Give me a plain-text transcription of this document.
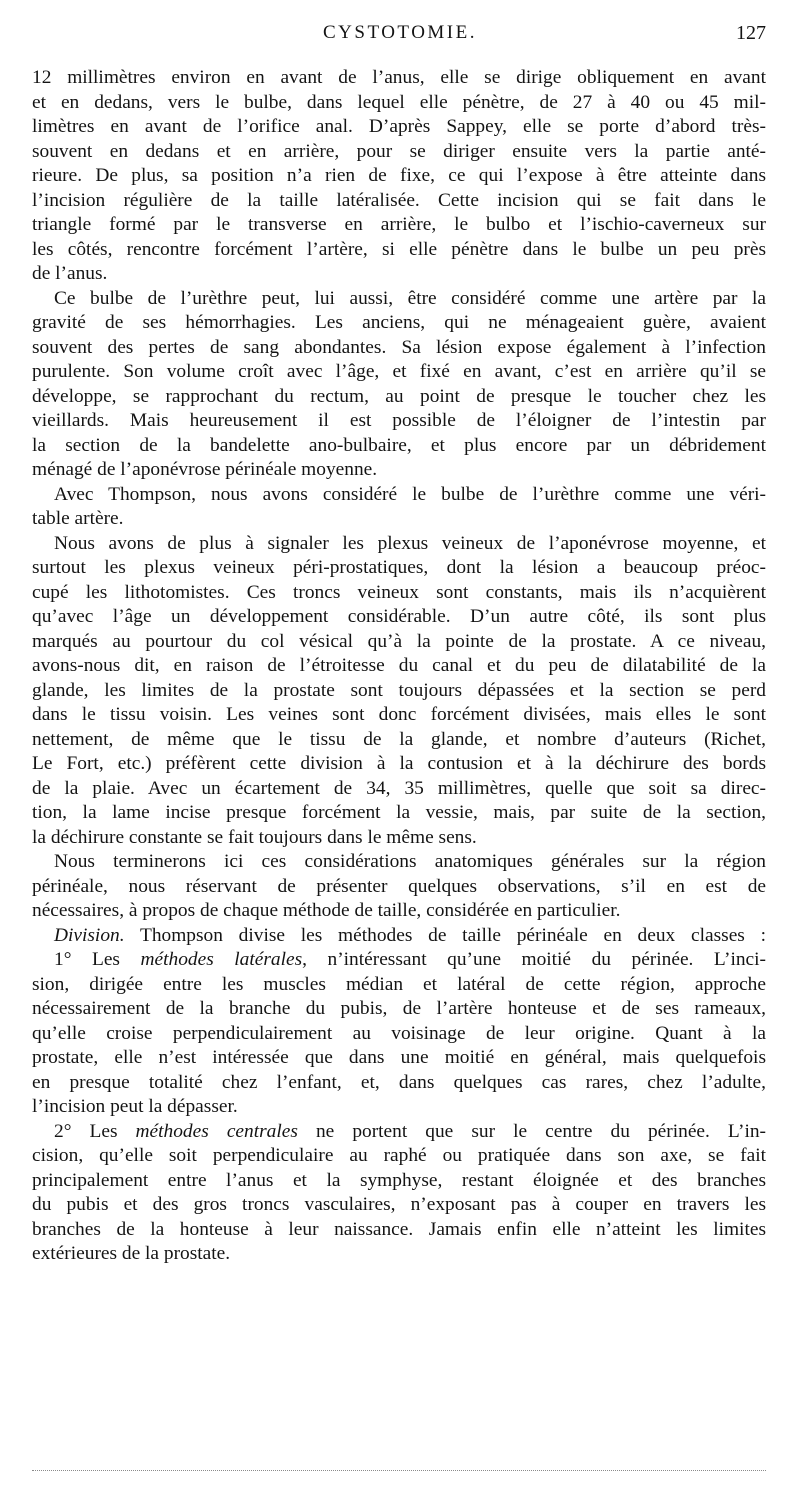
CYSTOTOMIE.	127
12 millimètres environ en avant de l’anus, elle se dirige obliquement en avant
et en dedans, vers le bulbe, dans lequel elle pénètre, de 27 à 40 ou 45 mil-
limètres en avant de l’orifice anal. D’après Sappey, elle se porte d’abord très-
souvent en dedans et en arrière, pour se diriger ensuite vers la partie anté-
rieure. De plus, sa position n’a rien de fixe, ce qui l’expose à être atteinte dans
l’incision régulière de la taille latéralisée. Cette incision qui se fait dans le
triangle formé par le transverse en arrière, le bulbo et l’ischio-caverneux sur
les côtés, rencontre forcément l’artère, si elle pénètre dans le bulbe un peu près
de l’anus.
Ce bulbe de l’urèthre peut, lui aussi, être considéré comme une artère par la
gravité de ses hémorrhagies. Les anciens, qui ne ménageaient guère, avaient
souvent des pertes de sang abondantes. Sa lésion expose également à l’infection
purulente. Son volume croît avec l’âge, et fixé en avant, c’est en arrière qu’il se
développe, se rapprochant du rectum, au point de presque le toucher chez les
vieillards. Mais heureusement il est possible de l’éloigner de l’intestin par
la section de la bandelette ano-bulbaire, et plus encore par un débridement
ménagé de l’aponévrose périnéale moyenne.
Avec Thompson, nous avons considéré le bulbe de l’urèthre comme une véri-
table artère.
Nous avons de plus à signaler les plexus veineux de l’aponévrose moyenne, et
surtout les plexus veineux péri-prostatiques, dont la lésion a beaucoup préoc-
cupé les lithotomistes. Ces troncs veineux sont constants, mais ils n’acquièrent
qu’avec l’âge un développement considérable. D’un autre côté, ils sont plus
marqués au pourtour du col vésical qu’à la pointe de la prostate. A ce niveau,
avons-nous dit, en raison de l’étroitesse du canal et du peu de dilatabilité de la
glande, les limites de la prostate sont toujours dépassées et la section se perd
dans le tissu voisin. Les veines sont donc forcément divisées, mais elles le sont
nettement, de même que le tissu de la glande, et nombre d’auteurs (Richet,
Le Fort, etc.) préfèrent cette division à la contusion et à la déchirure des bords
de la plaie. Avec un écartement de 34, 35 millimètres, quelle que soit sa direc-
tion, la lame incise presque forcément la vessie, mais, par suite de la section,
la déchirure constante se fait toujours dans le même sens.
Nous terminerons ici ces considérations anatomiques générales sur la région
périnéale, nous réservant de présenter quelques observations, s’il en est de
nécessaires, à propos de chaque méthode de taille, considérée en particulier.
Division. Thompson divise les méthodes de taille périnéale en deux classes :
1° Les méthodes latérales, n’intéressant qu’une moitié du périnée. L’inci-
sion, dirigée entre les muscles médian et latéral de cette région, approche
nécessairement de la branche du pubis, de l’artère honteuse et de ses rameaux,
qu’elle croise perpendiculairement au voisinage de leur origine. Quant à la
prostate, elle n’est intéressée que dans une moitié en général, mais quelquefois
en presque totalité chez l’enfant, et, dans quelques cas rares, chez l’adulte,
l’incision peut la dépasser.
2° Les méthodes centrales ne portent que sur le centre du périnée. L’in-
cision, qu’elle soit perpendiculaire au raphé ou pratiquée dans son axe, se fait
principalement entre l’anus et la symphyse, restant éloignée et des branches
du pubis et des gros troncs vasculaires, n’exposant pas à couper en travers les
branches de la honteuse à leur naissance. Jamais enfin elle n’atteint les limites
extérieures de la prostate.
